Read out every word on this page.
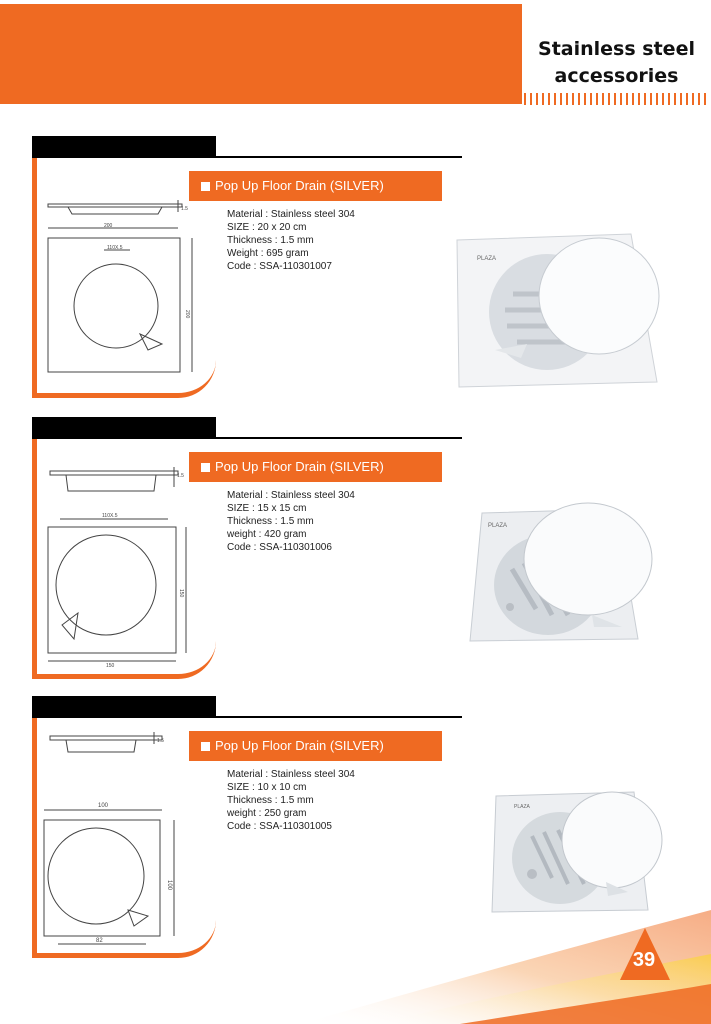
Stainless steel
accessories
Pop Up Floor Drain (SILVER)
Material : Stainless steel 304
SIZE : 20 x 20 cm
Thickness : 1.5 mm
Weight : 695 gram
Code : SSA-110301007
200
110X.5
1.5
200
PLAZA
Pop Up Floor Drain (SILVER)
Material : Stainless steel 304
SIZE : 15 x 15 cm
Thickness : 1.5 mm
weight : 420 gram
Code : SSA-110301006
110X.5
1.5
150
150
PLAZA
Pop Up Floor Drain (SILVER)
Material : Stainless steel 304
SIZE : 10 x 10 cm
Thickness : 1.5 mm
weight : 250 gram
Code : SSA-110301005
100
1.5
100
82
PLAZA
39
